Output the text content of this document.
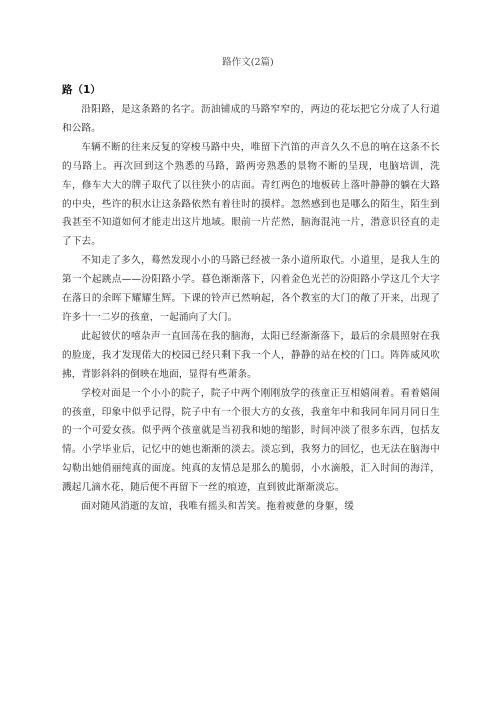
路作文(2篇)
路（1）

沿阳路，是这条路的名字。沥油铺成的马路窄窄的，两边的花坛把它分成了人行道和公路。

车辆不断的往来反复的穿梭马路中央，唯留下汽笛的声音久久不息的响在这条不长的马路上。再次回到这个熟悉的马路，路两旁熟悉的景物不断的呈现，电脑培训，洗车，修车大大的牌子取代了以往狭小的店面。青红两色的地板砖上落叶静静的躺在大路的中央，些许的积水让这条路依然有着往时的摸样。忽然感到也是哪么的陌生，陌生到我甚至不知道如何才能走出这片地域。眼前一片茫然，脑海混沌一片，潜意识径直的走了下去。

不知走了多久，蓦然发现小小的马路已经被一条小道所取代。小道里，是我人生的第一个起跳点——汾阳路小学。暮色渐渐落下，闪着金色光芒的汾阳路小学这几个大字在落日的余晖下耀耀生辉。下课的铃声已然响起，各个教室的大门的敞了开来，出现了许多十一二岁的孩童，一起涌向了大门。

此起彼伏的嘻杂声一直回荡在我的脑海，太阳已经渐渐落下，最后的余晨照射在我的脸庞，我才发现偌大的校园已经只剩下我一个人，静静的站在校的门口。阵阵威风吹拂，背影斜斜的倒映在地面，显得有些萧条。

学校对面是一个小小的院子，院子中两个刚刚放学的孩童正互相嬉闹着。看着嬉闹的孩童，印象中似乎记得，院子中有一个很大方的女孩，我童年中和我同年同月同日生的一个可爱女孩。似乎两个孩童就是当初我和她的缩影，时间冲淡了很多东西，包括友情。小学毕业后，记忆中的她也渐渐的淡去。淡忘到，我努力的回忆，也无法在脑海中勾勒出她俏丽纯真的面庞。纯真的友情总是那么的脆弱，小水滴般，汇入时间的海洋，溅起几滴水花，随后便不再留下一丝的痕迹，直到彼此渐渐淡忘。

面对随风消逝的友谊，我唯有摇头和苦笑。拖着疲惫的身躯，缓
